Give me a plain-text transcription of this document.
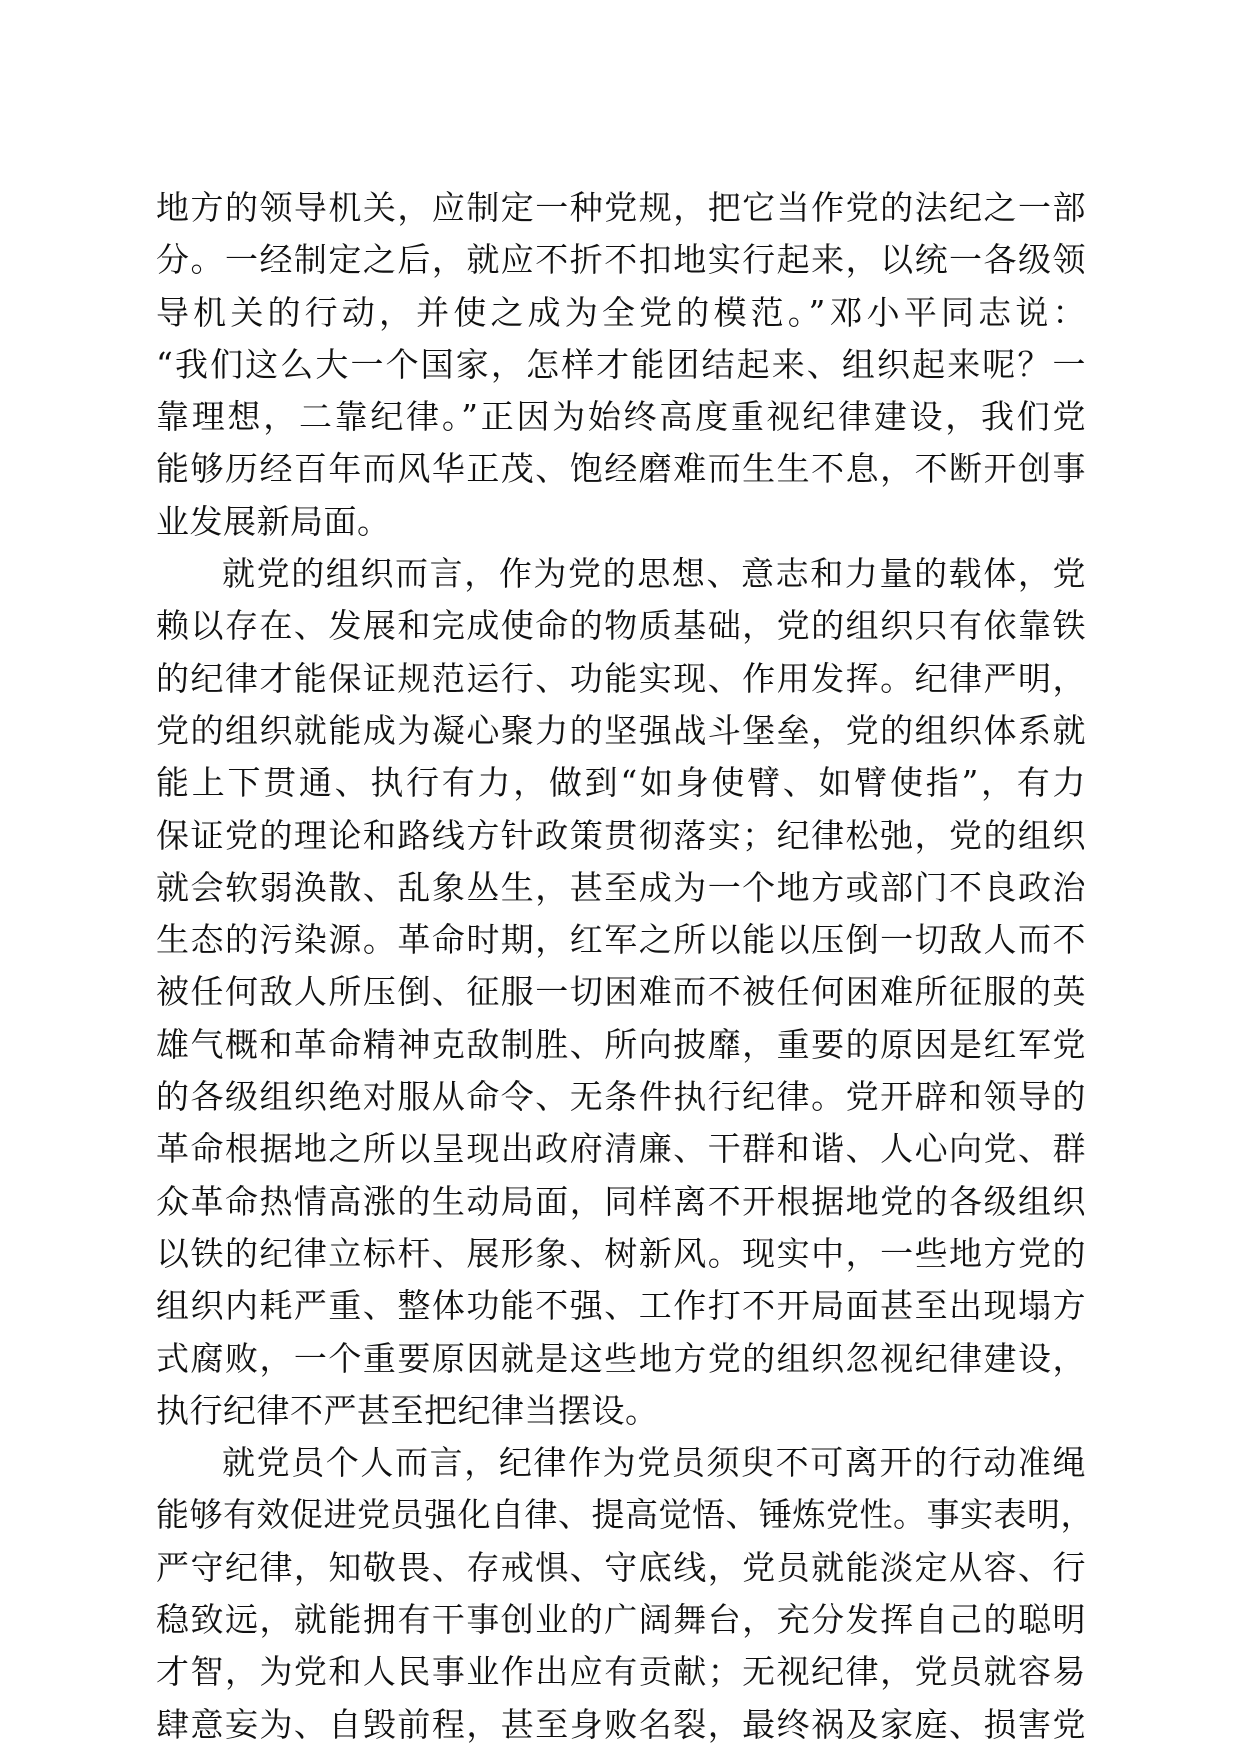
地方的领导机关，应制定一种党规，把它当作党的法纪之一部
分。一经制定之后，就应不折不扣地实行起来，以统一各级领
导机关的行动，并使之成为全党的模范。”邓小平同志说：
“我们这么大一个国家，怎样才能团结起来、组织起来呢？一
靠理想，二靠纪律。”正因为始终高度重视纪律建设，我们党
能够历经百年而风华正茂、饱经磨难而生生不息，不断开创事
业发展新局面。
就党的组织而言，作为党的思想、意志和力量的载体，党
赖以存在、发展和完成使命的物质基础，党的组织只有依靠铁
的纪律才能保证规范运行、功能实现、作用发挥。纪律严明，
党的组织就能成为凝心聚力的坚强战斗堡垒，党的组织体系就
能上下贯通、执行有力，做到“如身使臂、如臂使指”，有力
保证党的理论和路线方针政策贯彻落实；纪律松弛，党的组织
就会软弱涣散、乱象丛生，甚至成为一个地方或部门不良政治
生态的污染源。革命时期，红军之所以能以压倒一切敌人而不
被任何敌人所压倒、征服一切困难而不被任何困难所征服的英
雄气概和革命精神克敌制胜、所向披靡，重要的原因是红军党
的各级组织绝对服从命令、无条件执行纪律。党开辟和领导的
革命根据地之所以呈现出政府清廉、干群和谐、人心向党、群
众革命热情高涨的生动局面，同样离不开根据地党的各级组织
以铁的纪律立标杆、展形象、树新风。现实中，一些地方党的
组织内耗严重、整体功能不强、工作打不开局面甚至出现塌方
式腐败，一个重要原因就是这些地方党的组织忽视纪律建设，
执行纪律不严甚至把纪律当摆设。
就党员个人而言，纪律作为党员须臾不可离开的行动准绳
能够有效促进党员强化自律、提高觉悟、锤炼党性。事实表明，
严守纪律，知敬畏、存戒惧、守底线，党员就能淡定从容、行
稳致远，就能拥有干事创业的广阔舞台，充分发挥自己的聪明
才智，为党和人民事业作出应有贡献；无视纪律，党员就容易
肆意妄为、自毁前程，甚至身败名裂，最终祸及家庭、损害党
